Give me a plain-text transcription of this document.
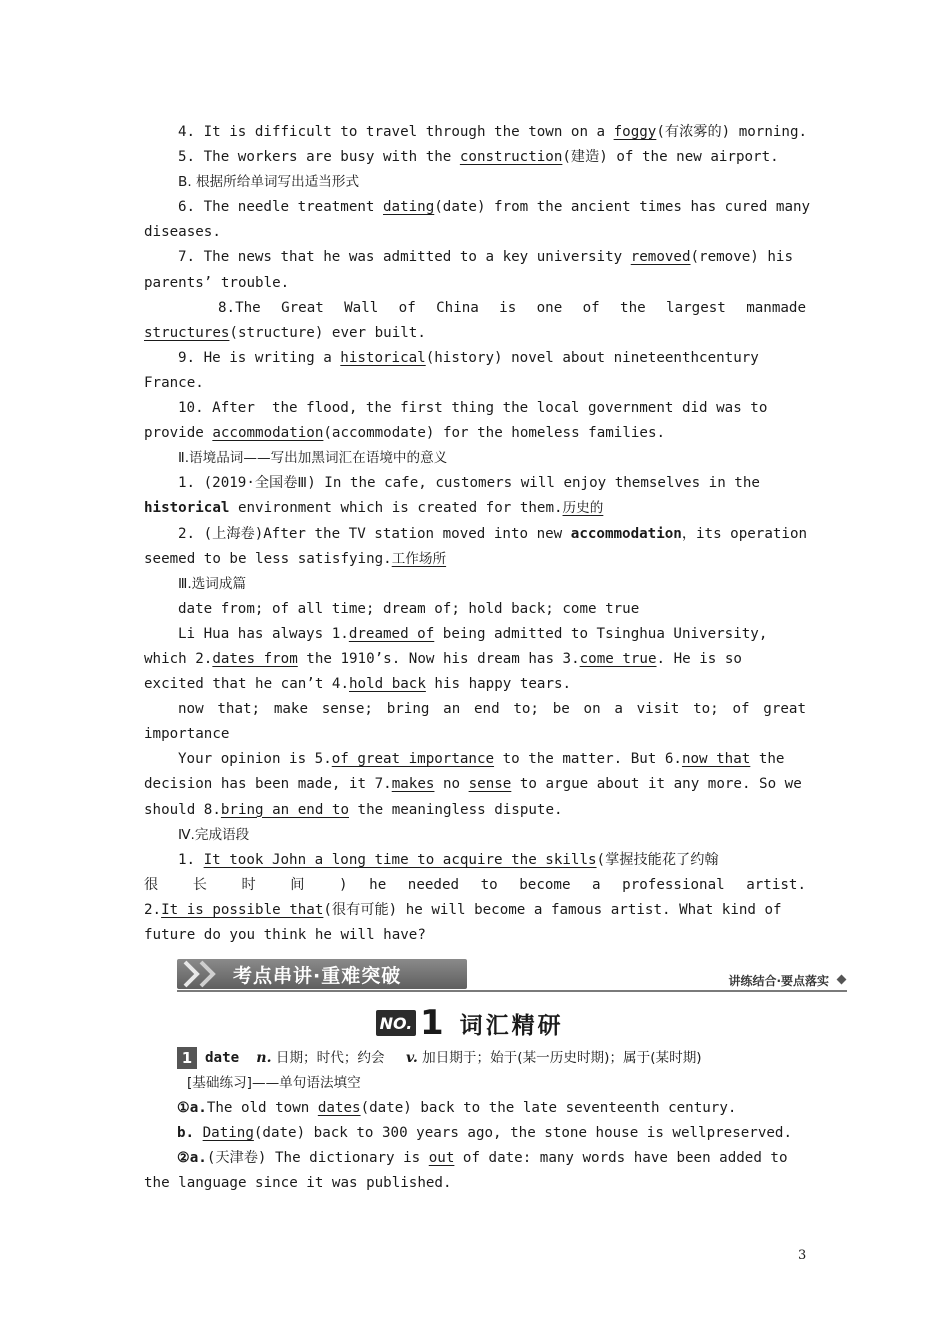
4. It is difficult to travel through the town on a foggy(有浓雾的) morning.
5. The workers are busy with the construction(建造) of the new airport.
B. 根据所给单词写出适当形式
6. The needle treatment dating(date) from the ancient times has cured many
diseases.
7. The news that he was admitted to a key university removed(remove) his
parents’ trouble.
8.The Great Wall of China is one of the largest manmade
structures(structure) ever built.
9. He is writing a historical(history) novel about nineteenthcentury
France.
10. After  the flood, the first thing the local government did was to
provide accommodation(accommodate) for the homeless families.
Ⅱ.语境品词——写出加黑词汇在语境中的意义
1. (2019·全国卷Ⅲ) In the cafe, customers will enjoy themselves in the
historical environment which is created for them.历史的
2. (上海卷)After the TV station moved into new accommodation，its operation
seemed to be less satisfying.工作场所
Ⅲ.选词成篇
date from; of all time; dream of; hold back; come true
Li Hua has always 1.dreamed of being admitted to Tsinghua University,
which 2.dates from the 1910’s. Now his dream has 3.come true. He is so
excited that he can’t 4.hold back his happy tears.
now that; make sense; bring an end to; be on a visit to; of great
importance
Your opinion is 5.of great importance to the matter. But 6.now that the
decision has been made, it 7.makes no sense to argue about it any more. So we
should 8.bring an end to the meaningless dispute.
Ⅳ.完成语段
1. It took John a long time to acquire the skills(掌握技能花了约翰
很 长 时 间 ) he needed to become a professional artist.
2.It is possible that(很有可能) he will become a famous artist. What kind of
future do you think he will have?
考点串讲·重难突破	讲练结合·要点落实
NO. 1 词汇精研
1 date n. 日期；时代；约会   v. 加日期于；始于(某一历史时期)；属于(某时期)
[基础练习]——单句语法填空
①a.The old town dates(date) back to the late seventeenth century.
b. Dating(date) back to 300 years ago, the stone house is wellpreserved.
②a.(天津卷) The dictionary is out of date: many words have been added to
the language since it was published.
3
